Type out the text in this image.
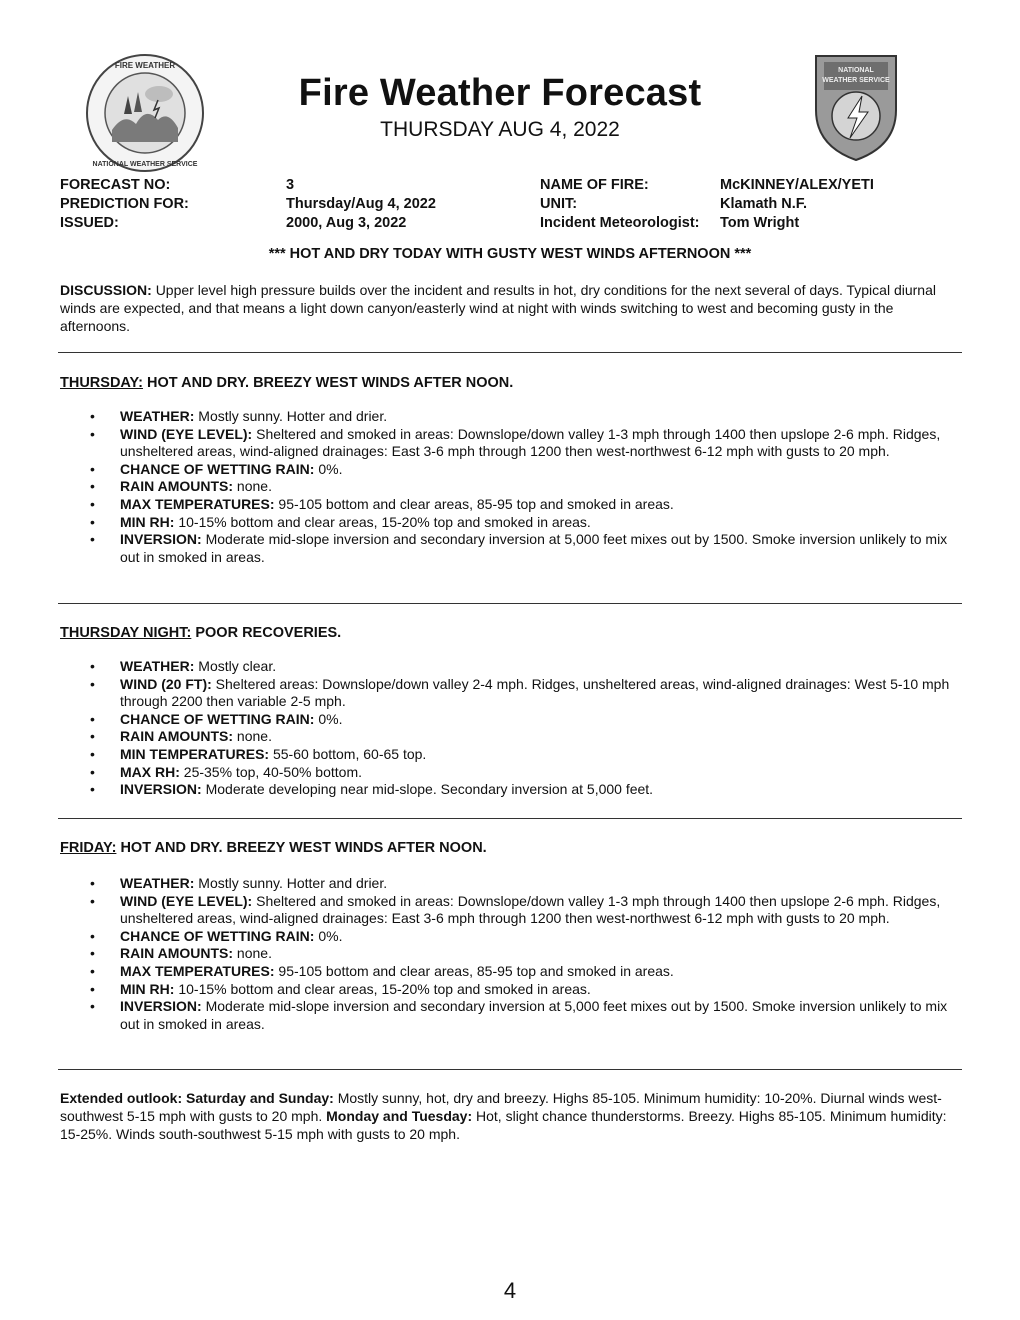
FIRE WEATHER
NATIONAL WEATHER SERVICE
NATIONAL
WEATHER SERVICE
Fire Weather Forecast
THURSDAY AUG 4, 2022
FORECAST NO:
PREDICTION FOR:
ISSUED:
3
Thursday/Aug 4, 2022
2000, Aug 3, 2022
NAME OF FIRE:
UNIT:
Incident Meteorologist:
McKINNEY/ALEX/YETI
Klamath N.F.
Tom Wright
*** HOT AND DRY TODAY WITH GUSTY WEST WINDS AFTERNOON ***
DISCUSSION: Upper level high pressure builds over the incident and results in hot, dry conditions for the next several of days. Typical diurnal winds are expected, and that means a light down canyon/easterly wind at night with winds switching to west and becoming gusty in the afternoons.
THURSDAY: HOT AND DRY. BREEZY WEST WINDS AFTER NOON.
• WEATHER: Mostly sunny. Hotter and drier.
• WIND (EYE LEVEL): Sheltered and smoked in areas: Downslope/down valley 1-3 mph through 1400 then upslope 2-6 mph. Ridges, unsheltered areas, wind-aligned drainages: East 3-6 mph through 1200 then west-northwest 6-12 mph with gusts to 20 mph.
• CHANCE OF WETTING RAIN: 0%.
• RAIN AMOUNTS: none.
• MAX TEMPERATURES: 95-105 bottom and clear areas, 85-95 top and smoked in areas.
• MIN RH: 10-15% bottom and clear areas, 15-20% top and smoked in areas.
• INVERSION: Moderate mid-slope inversion and secondary inversion at 5,000 feet mixes out by 1500. Smoke inversion unlikely to mix out in smoked in areas.
THURSDAY NIGHT: POOR RECOVERIES.
• WEATHER: Mostly clear.
• WIND (20 FT): Sheltered areas: Downslope/down valley 2-4 mph. Ridges, unsheltered areas, wind-aligned drainages: West 5-10 mph through 2200 then variable 2-5 mph.
• CHANCE OF WETTING RAIN: 0%.
• RAIN AMOUNTS: none.
• MIN TEMPERATURES: 55-60 bottom, 60-65 top.
• MAX RH: 25-35% top, 40-50% bottom.
• INVERSION: Moderate developing near mid-slope. Secondary inversion at 5,000 feet.
FRIDAY: HOT AND DRY. BREEZY WEST WINDS AFTER NOON.
• WEATHER: Mostly sunny. Hotter and drier.
• WIND (EYE LEVEL): Sheltered and smoked in areas: Downslope/down valley 1-3 mph through 1400 then upslope 2-6 mph. Ridges, unsheltered areas, wind-aligned drainages: East 3-6 mph through 1200 then west-northwest 6-12 mph with gusts to 20 mph.
• CHANCE OF WETTING RAIN: 0%.
• RAIN AMOUNTS: none.
• MAX TEMPERATURES: 95-105 bottom and clear areas, 85-95 top and smoked in areas.
• MIN RH: 10-15% bottom and clear areas, 15-20% top and smoked in areas.
• INVERSION: Moderate mid-slope inversion and secondary inversion at 5,000 feet mixes out by 1500. Smoke inversion unlikely to mix out in smoked in areas.
Extended outlook: Saturday and Sunday: Mostly sunny, hot, dry and breezy. Highs 85-105. Minimum humidity: 10-20%. Diurnal winds west-southwest 5-15 mph with gusts to 20 mph. Monday and Tuesday: Hot, slight chance thunderstorms. Breezy. Highs 85-105. Minimum humidity: 15-25%. Winds south-southwest 5-15 mph with gusts to 20 mph.
4
